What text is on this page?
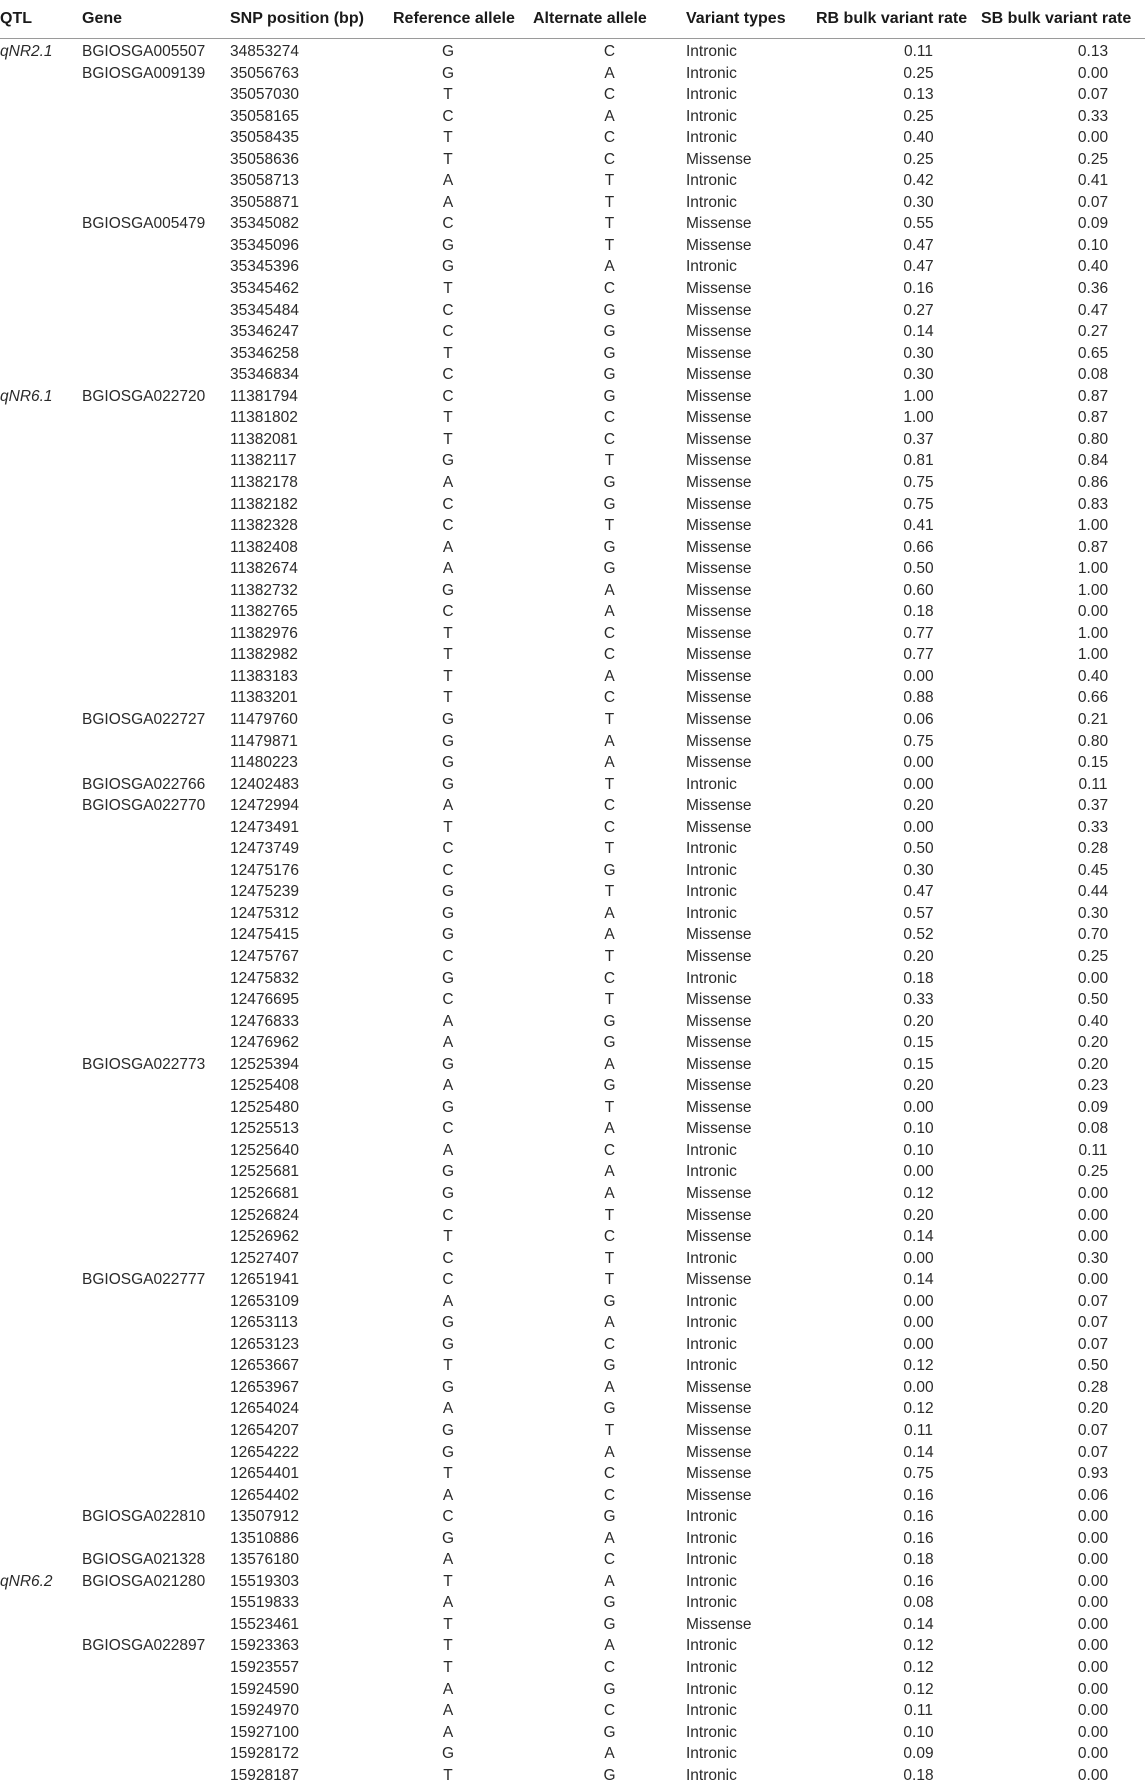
QTL	Gene	SNP position (bp)	Reference allele	Alternate allele	Variant types	RB bulk variant rate	SB bulk variant rate
qNR2.1	BGIOSGA005507	34853274	G	C	Intronic	0.11	0.13
	BGIOSGA009139	35056763	G	A	Intronic	0.25	0.00
		35057030	T	C	Intronic	0.13	0.07
		35058165	C	A	Intronic	0.25	0.33
		35058435	T	C	Intronic	0.40	0.00
		35058636	T	C	Missense	0.25	0.25
		35058713	A	T	Intronic	0.42	0.41
		35058871	A	T	Intronic	0.30	0.07
	BGIOSGA005479	35345082	C	T	Missense	0.55	0.09
		35345096	G	T	Missense	0.47	0.10
		35345396	G	A	Intronic	0.47	0.40
		35345462	T	C	Missense	0.16	0.36
		35345484	C	G	Missense	0.27	0.47
		35346247	C	G	Missense	0.14	0.27
		35346258	T	G	Missense	0.30	0.65
		35346834	C	G	Missense	0.30	0.08
qNR6.1	BGIOSGA022720	11381794	C	G	Missense	1.00	0.87
		11381802	T	C	Missense	1.00	0.87
		11382081	T	C	Missense	0.37	0.80
		11382117	G	T	Missense	0.81	0.84
		11382178	A	G	Missense	0.75	0.86
		11382182	C	G	Missense	0.75	0.83
		11382328	C	T	Missense	0.41	1.00
		11382408	A	G	Missense	0.66	0.87
		11382674	A	G	Missense	0.50	1.00
		11382732	G	A	Missense	0.60	1.00
		11382765	C	A	Missense	0.18	0.00
		11382976	T	C	Missense	0.77	1.00
		11382982	T	C	Missense	0.77	1.00
		11383183	T	A	Missense	0.00	0.40
		11383201	T	C	Missense	0.88	0.66
	BGIOSGA022727	11479760	G	T	Missense	0.06	0.21
		11479871	G	A	Missense	0.75	0.80
		11480223	G	A	Missense	0.00	0.15
	BGIOSGA022766	12402483	G	T	Intronic	0.00	0.11
	BGIOSGA022770	12472994	A	C	Missense	0.20	0.37
		12473491	T	C	Missense	0.00	0.33
		12473749	C	T	Intronic	0.50	0.28
		12475176	C	G	Intronic	0.30	0.45
		12475239	G	T	Intronic	0.47	0.44
		12475312	G	A	Intronic	0.57	0.30
		12475415	G	A	Missense	0.52	0.70
		12475767	C	T	Missense	0.20	0.25
		12475832	G	C	Intronic	0.18	0.00
		12476695	C	T	Missense	0.33	0.50
		12476833	A	G	Missense	0.20	0.40
		12476962	A	G	Missense	0.15	0.20
	BGIOSGA022773	12525394	G	A	Missense	0.15	0.20
		12525408	A	G	Missense	0.20	0.23
		12525480	G	T	Missense	0.00	0.09
		12525513	C	A	Missense	0.10	0.08
		12525640	A	C	Intronic	0.10	0.11
		12525681	G	A	Intronic	0.00	0.25
		12526681	G	A	Missense	0.12	0.00
		12526824	C	T	Missense	0.20	0.00
		12526962	T	C	Missense	0.14	0.00
		12527407	C	T	Intronic	0.00	0.30
	BGIOSGA022777	12651941	C	T	Missense	0.14	0.00
		12653109	A	G	Intronic	0.00	0.07
		12653113	G	A	Intronic	0.00	0.07
		12653123	G	C	Intronic	0.00	0.07
		12653667	T	G	Intronic	0.12	0.50
		12653967	G	A	Missense	0.00	0.28
		12654024	A	G	Missense	0.12	0.20
		12654207	G	T	Missense	0.11	0.07
		12654222	G	A	Missense	0.14	0.07
		12654401	T	C	Missense	0.75	0.93
		12654402	A	C	Missense	0.16	0.06
	BGIOSGA022810	13507912	C	G	Intronic	0.16	0.00
		13510886	G	A	Intronic	0.16	0.00
	BGIOSGA021328	13576180	A	C	Intronic	0.18	0.00
qNR6.2	BGIOSGA021280	15519303	T	A	Intronic	0.16	0.00
		15519833	A	G	Intronic	0.08	0.00
		15523461	T	G	Missense	0.14	0.00
	BGIOSGA022897	15923363	T	A	Intronic	0.12	0.00
		15923557	T	C	Intronic	0.12	0.00
		15924590	A	G	Intronic	0.12	0.00
		15924970	A	C	Intronic	0.11	0.00
		15927100	A	G	Intronic	0.10	0.00
		15928172	G	A	Intronic	0.09	0.00
		15928187	T	G	Intronic	0.18	0.00
